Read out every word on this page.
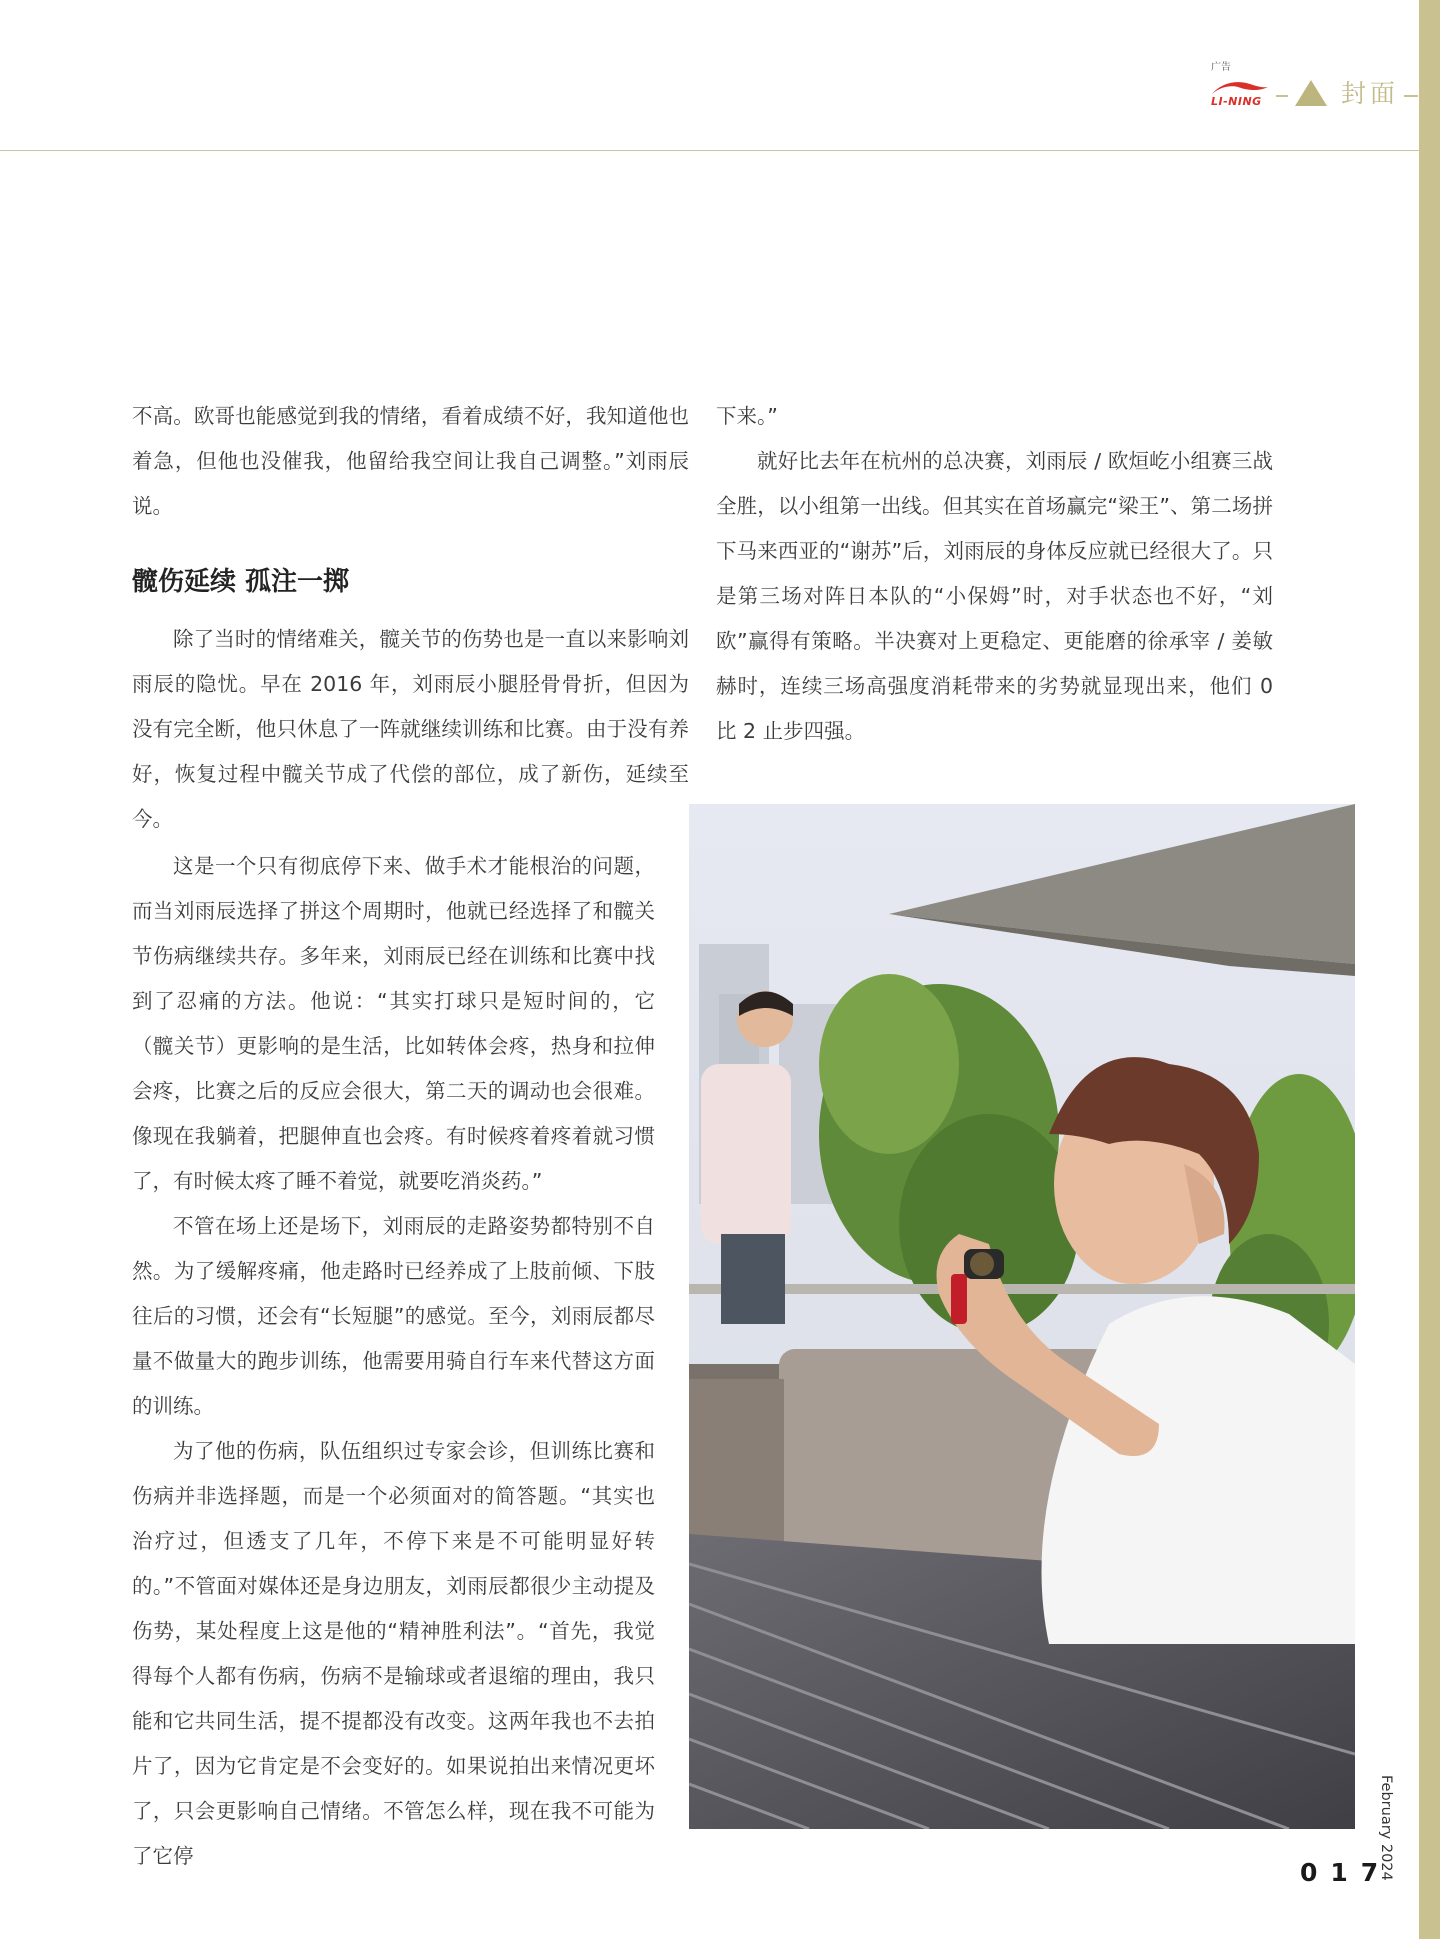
广告
LI-NING	封面

不高。欧哥也能感觉到我的情绪，看着成绩不好，我知道他也着急，但他也没催我，他留给我空间让我自己调整。”刘雨辰说。

髋伤延续 孤注一掷

除了当时的情绪难关，髋关节的伤势也是一直以来影响刘雨辰的隐忧。早在 2016 年，刘雨辰小腿胫骨骨折，但因为没有完全断，他只休息了一阵就继续训练和比赛。由于没有养好，恢复过程中髋关节成了代偿的部位，成了新伤，延续至今。

这是一个只有彻底停下来、做手术才能根治的问题，而当刘雨辰选择了拼这个周期时，他就已经选择了和髋关节伤病继续共存。多年来，刘雨辰已经在训练和比赛中找到了忍痛的方法。他说：“其实打球只是短时间的，它（髋关节）更影响的是生活，比如转体会疼，热身和拉伸会疼，比赛之后的反应会很大，第二天的调动也会很难。像现在我躺着，把腿伸直也会疼。有时候疼着疼着就习惯了，有时候太疼了睡不着觉，就要吃消炎药。”

不管在场上还是场下，刘雨辰的走路姿势都特别不自然。为了缓解疼痛，他走路时已经养成了上肢前倾、下肢往后的习惯，还会有“长短腿”的感觉。至今，刘雨辰都尽量不做量大的跑步训练，他需要用骑自行车来代替这方面的训练。

为了他的伤病，队伍组织过专家会诊，但训练比赛和伤病并非选择题，而是一个必须面对的简答题。“其实也治疗过，但透支了几年，不停下来是不可能明显好转的。”不管面对媒体还是身边朋友，刘雨辰都很少主动提及伤势，某处程度上这是他的“精神胜利法”。“首先，我觉得每个人都有伤病，伤病不是输球或者退缩的理由，我只能和它共同生活，提不提都没有改变。这两年我也不去拍片了，因为它肯定是不会变好的。如果说拍出来情况更坏了，只会更影响自己情绪。不管怎么样，现在我不可能为了它停

下来。”

就好比去年在杭州的总决赛，刘雨辰 / 欧烜屹小组赛三战全胜，以小组第一出线。但其实在首场赢完“梁王”、第二场拼下马来西亚的“谢苏”后，刘雨辰的身体反应就已经很大了。只是第三场对阵日本队的“小保姆”时，对手状态也不好，“刘欧”赢得有策略。半决赛对上更稳定、更能磨的徐承宰 / 姜敏赫时，连续三场高强度消耗带来的劣势就显现出来，他们 0 比 2 止步四强。

017
February 2024
